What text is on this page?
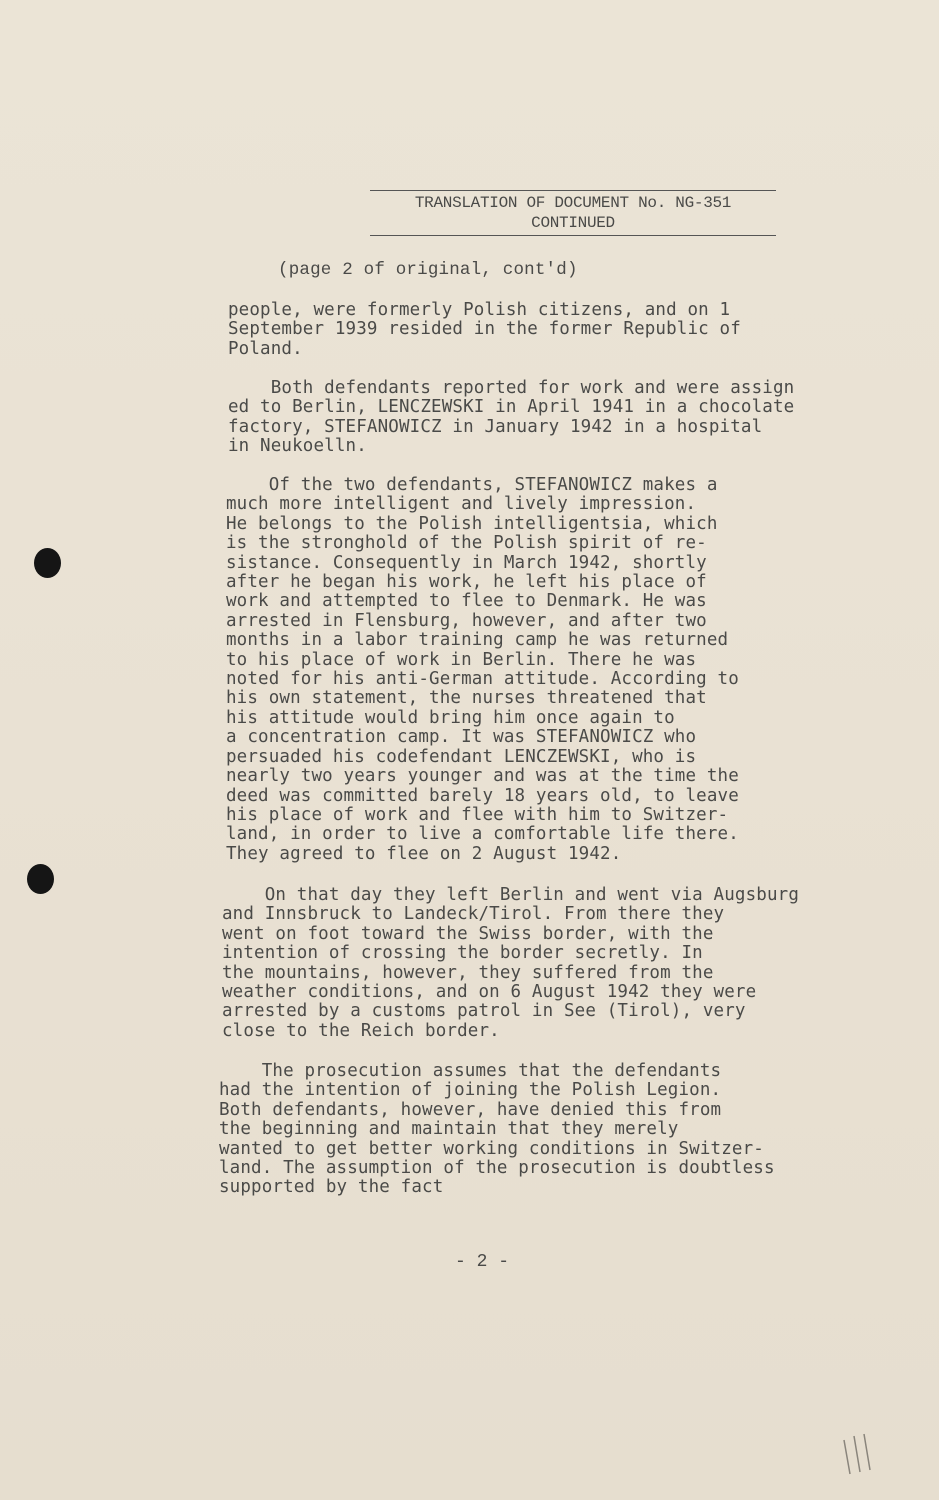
TRANSLATION OF DOCUMENT No. NG-351
CONTINUED
(page 2 of original, cont'd)
people, were formerly Polish citizens, and on 1
September 1939 resided in the former Republic of
Poland.
Both defendants reported for work and were assign
ed to Berlin, LENCZEWSKI in April 1941 in a chocolate
factory, STEFANOWICZ in January 1942 in a hospital
in Neukoelln.
Of the two defendants, STEFANOWICZ makes a
much more intelligent and lively impression.
He belongs to the Polish intelligentsia, which
is the stronghold of the Polish spirit of re-
sistance. Consequently in March 1942, shortly
after he began his work, he left his place of
work and attempted to flee to Denmark. He was
arrested in Flensburg, however, and after two
months in a labor training camp he was returned
to his place of work in Berlin. There he was
noted for his anti-German attitude. According to
his own statement, the nurses threatened that
his attitude would bring him once again to
a concentration camp. It was STEFANOWICZ who
persuaded his codefendant LENCZEWSKI, who is
nearly two years younger and was at the time the
deed was committed barely 18 years old, to leave
his place of work and flee with him to Switzer-
land, in order to live a comfortable life there.
They agreed to flee on 2 August 1942.
On that day they left Berlin and went via Augsburg
and Innsbruck to Landeck/Tirol. From there they
went on foot toward the Swiss border, with the
intention of crossing the border secretly. In
the mountains, however, they suffered from the
weather conditions, and on 6 August 1942 they were
arrested by a customs patrol in See (Tirol), very
close to the Reich border.
The prosecution assumes that the defendants
had the intention of joining the Polish Legion.
Both defendants, however, have denied this from
the beginning and maintain that they merely
wanted to get better working conditions in Switzer-
land. The assumption of the prosecution is doubtless
supported by the fact
- 2 -
